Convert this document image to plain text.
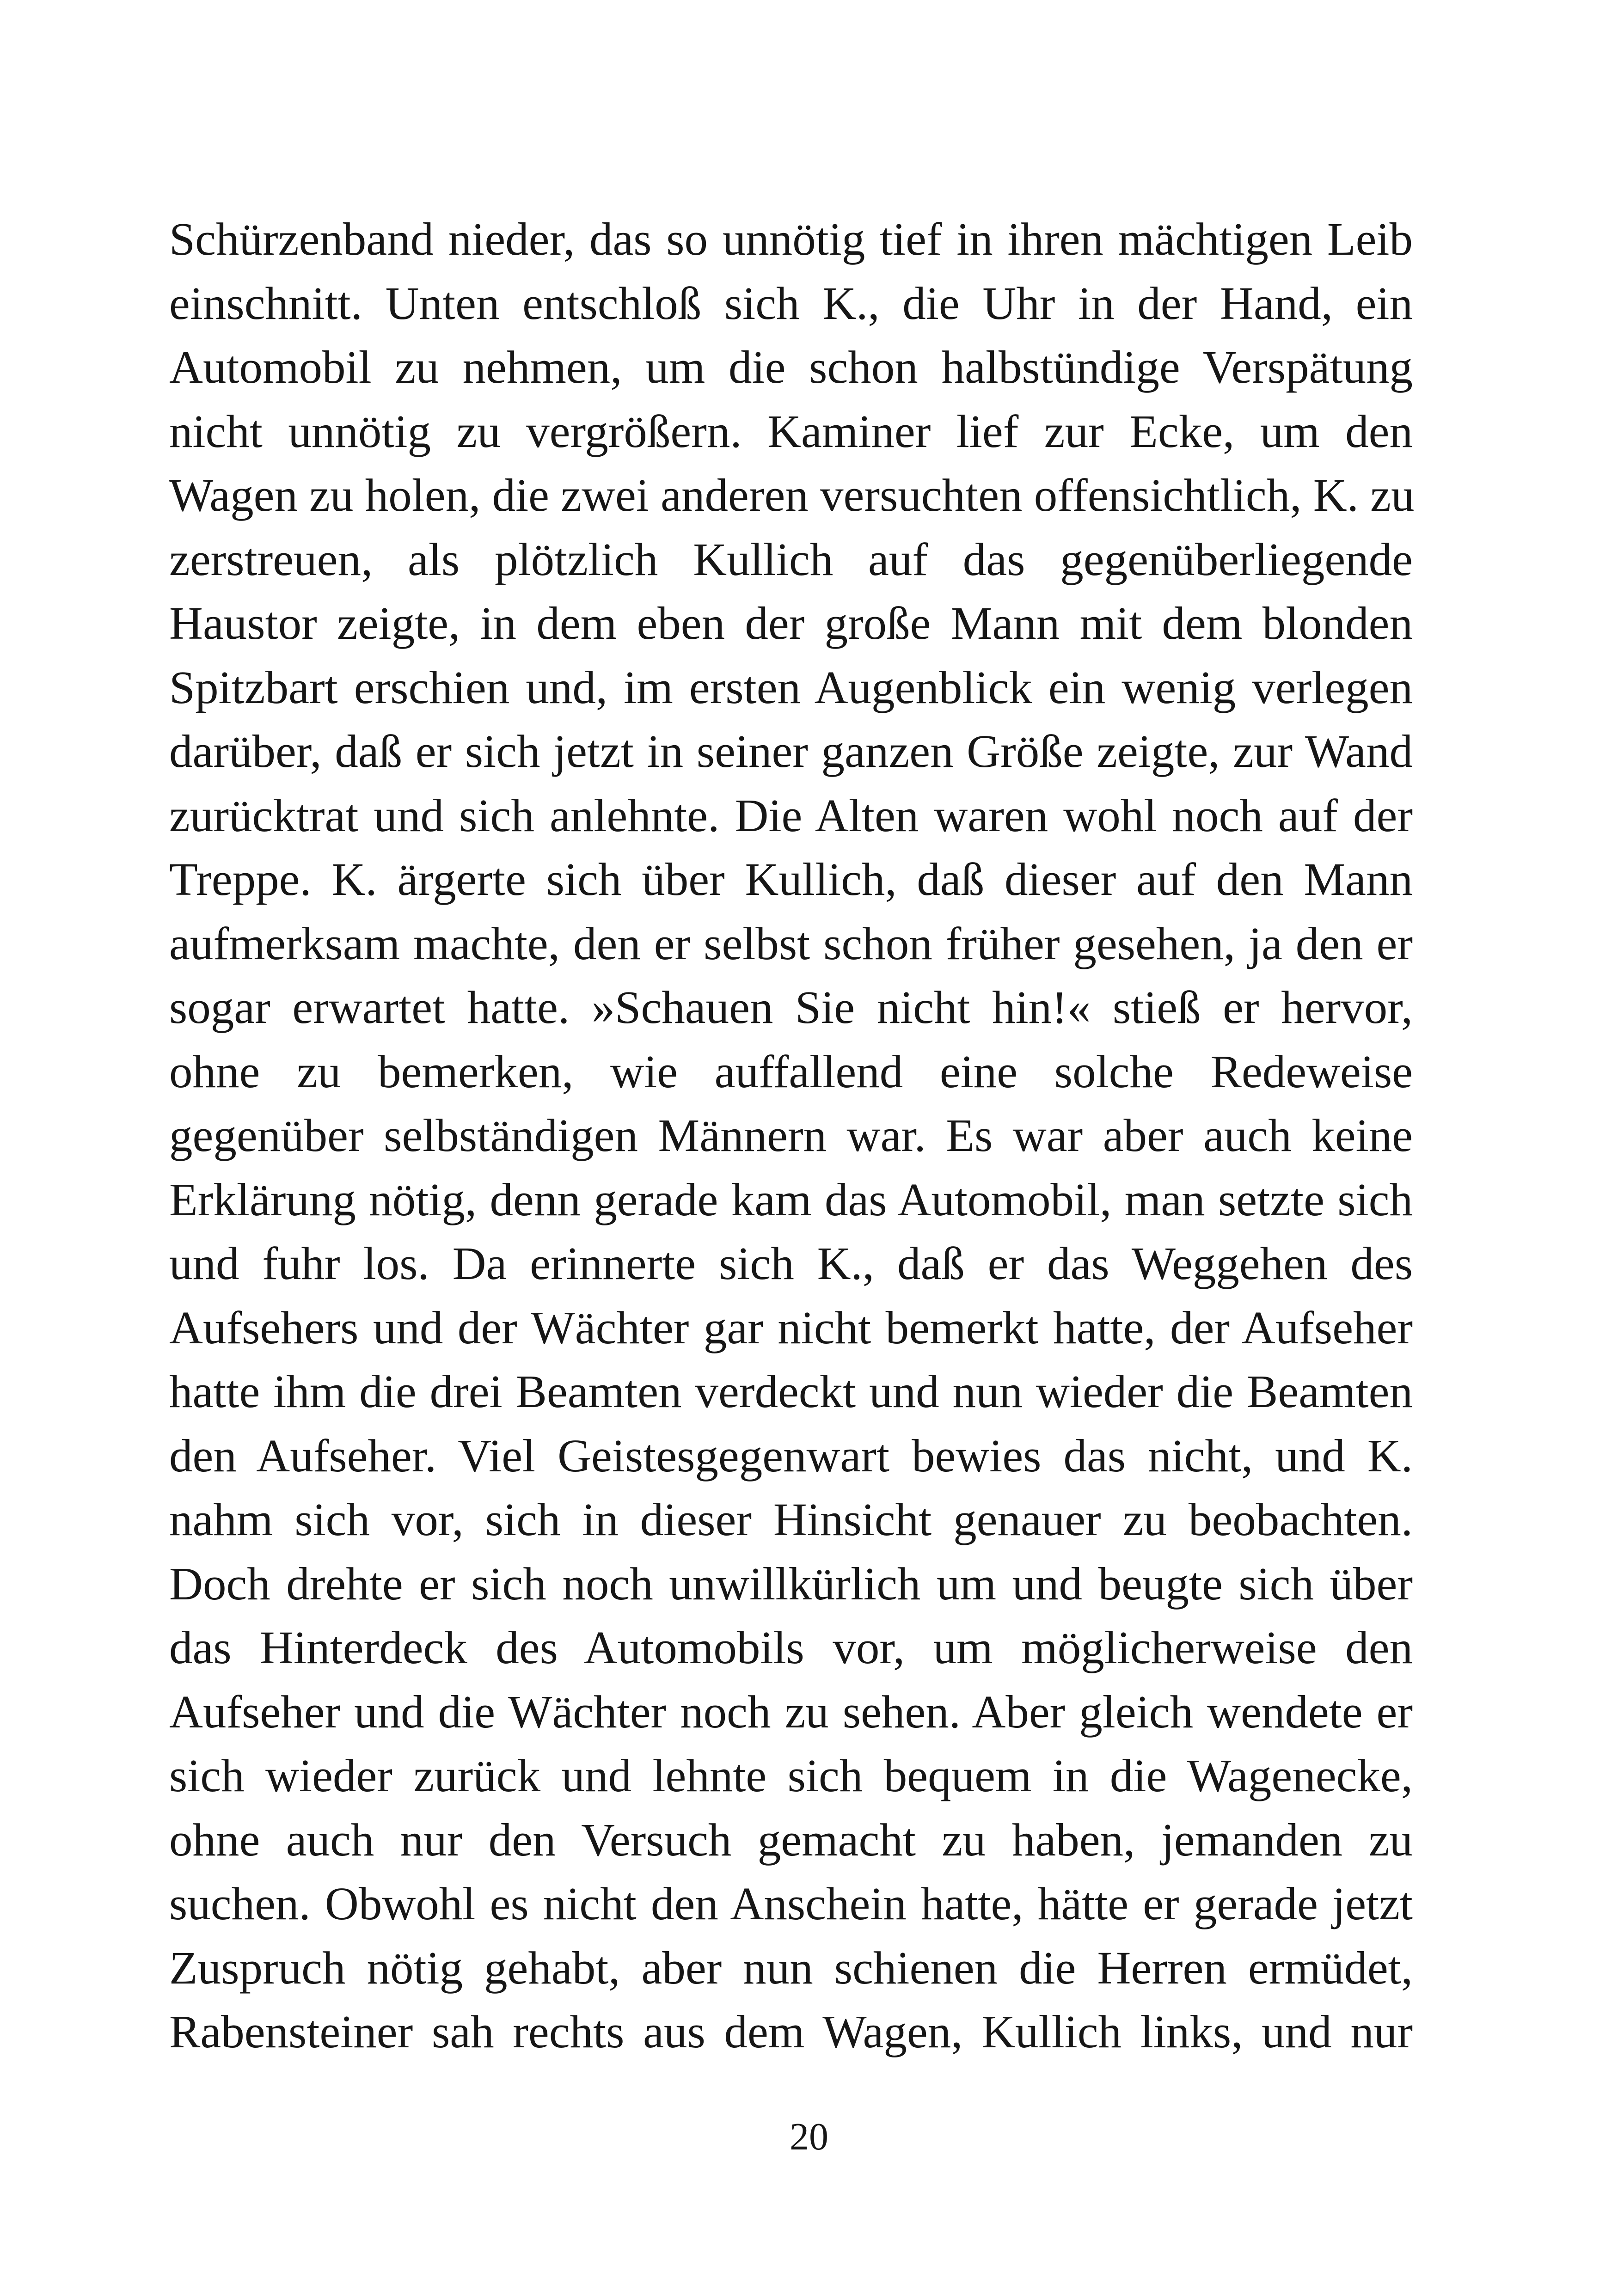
Schürzenband nieder, das so unnötig tief in ihren mächtigen Leib
einschnitt. Unten entschloß sich K., die Uhr in der Hand, ein
Automobil zu nehmen, um die schon halbstündige Verspätung
nicht unnötig zu vergrößern. Kaminer lief zur Ecke, um den
Wagen zu holen, die zwei anderen versuchten offensichtlich, K. zu
zerstreuen, als plötzlich Kullich auf das gegenüberliegende
Haustor zeigte, in dem eben der große Mann mit dem blonden
Spitzbart erschien und, im ersten Augenblick ein wenig verlegen
darüber, daß er sich jetzt in seiner ganzen Größe zeigte, zur Wand
zurücktrat und sich anlehnte. Die Alten waren wohl noch auf der
Treppe. K. ärgerte sich über Kullich, daß dieser auf den Mann
aufmerksam machte, den er selbst schon früher gesehen, ja den er
sogar erwartet hatte. »Schauen Sie nicht hin!« stieß er hervor,
ohne zu bemerken, wie auffallend eine solche Redeweise
gegenüber selbständigen Männern war. Es war aber auch keine
Erklärung nötig, denn gerade kam das Automobil, man setzte sich
und fuhr los. Da erinnerte sich K., daß er das Weggehen des
Aufsehers und der Wächter gar nicht bemerkt hatte, der Aufseher
hatte ihm die drei Beamten verdeckt und nun wieder die Beamten
den Aufseher. Viel Geistesgegenwart bewies das nicht, und K.
nahm sich vor, sich in dieser Hinsicht genauer zu beobachten.
Doch drehte er sich noch unwillkürlich um und beugte sich über
das Hinterdeck des Automobils vor, um möglicherweise den
Aufseher und die Wächter noch zu sehen. Aber gleich wendete er
sich wieder zurück und lehnte sich bequem in die Wagenecke,
ohne auch nur den Versuch gemacht zu haben, jemanden zu
suchen. Obwohl es nicht den Anschein hatte, hätte er gerade jetzt
Zuspruch nötig gehabt, aber nun schienen die Herren ermüdet,
Rabensteiner sah rechts aus dem Wagen, Kullich links, und nur
20
